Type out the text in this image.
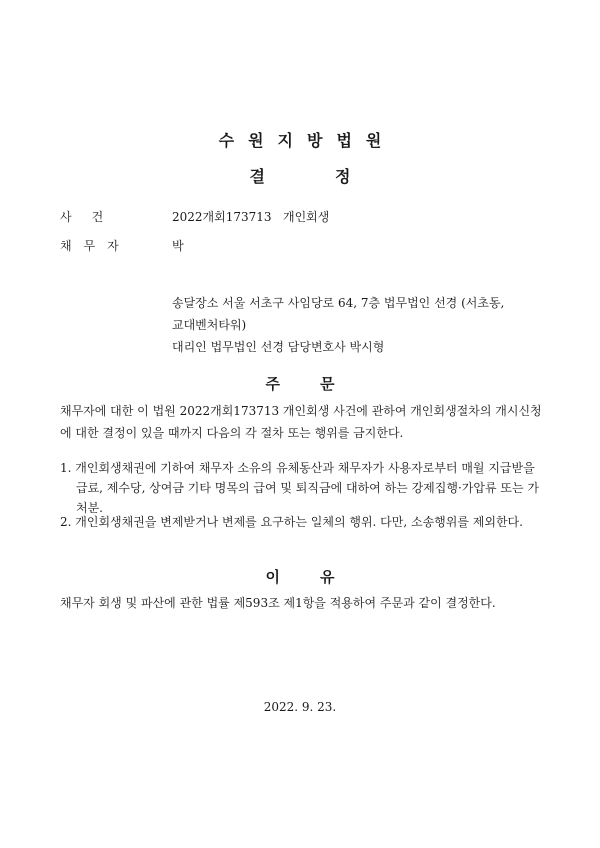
수원지방법원
결정
사건	2022개회173713 개인회생
채무자	박
송달장소 서울 서초구 사임당로 64, 7층 법무법인 선경 (서초동,
교대벤처타워)
대리인 법무법인 선경 담당변호사 박시형
주문
채무자에 대한 이 법원 2022개회173713 개인회생 사건에 관하여 개인회생절차의 개시신청에 대한 결정이 있을 때까지 다음의 각 절차 또는 행위를 금지한다.
1. 개인회생채권에 기하여 채무자 소유의 유체동산과 채무자가 사용자로부터 매월 지급받을 급료, 제수당, 상여금 기타 명목의 급여 및 퇴직금에 대하여 하는 강제집행·가압류 또는 가처분.
2. 개인회생채권을 변제받거나 변제를 요구하는 일체의 행위. 다만, 소송행위를 제외한다.
이유
채무자 회생 및 파산에 관한 법률 제593조 제1항을 적용하여 주문과 같이 결정한다.
2022. 9. 23.
